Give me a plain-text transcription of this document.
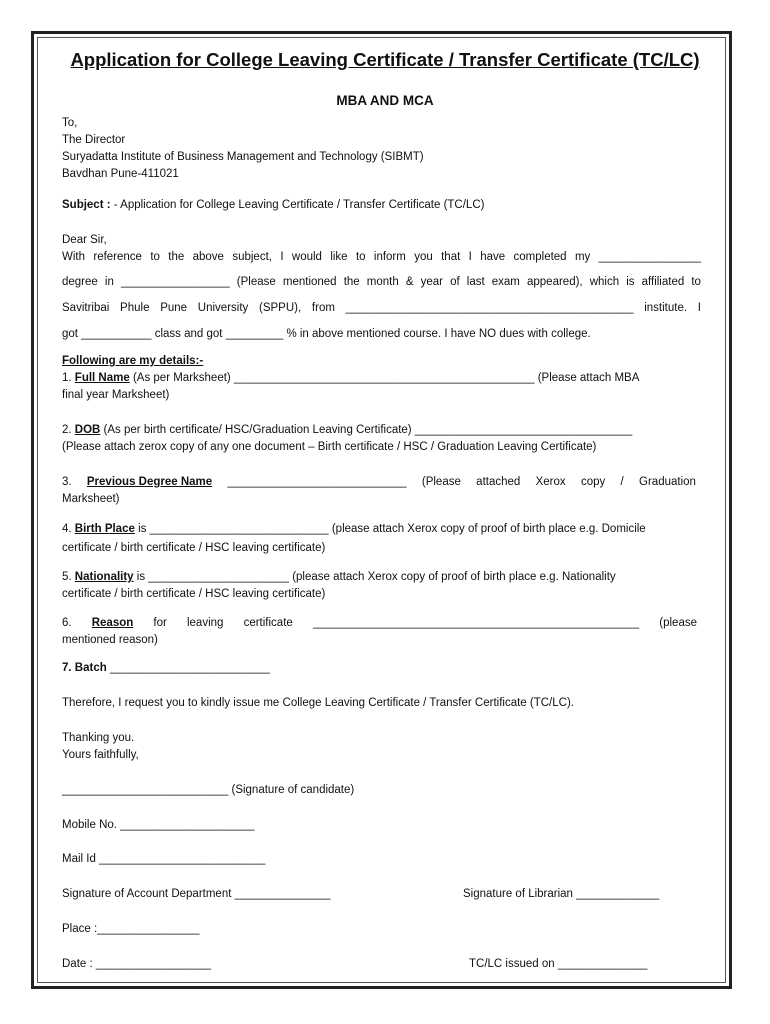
Application for College Leaving Certificate / Transfer Certificate (TC/LC)
MBA AND MCA
To,
The Director
Suryadatta Institute of Business Management and Technology (SIBMT)
Bavdhan Pune-411021
Subject : - Application for College Leaving Certificate / Transfer Certificate (TC/LC)
Dear Sir,
With reference to the above subject, I would like to inform you that I have completed my ________________
degree in _________________ (Please mentioned the month & year of last exam appeared), which is affiliated to
Savitribai Phule Pune University (SPPU), from _____________________________________________ institute. I
got ___________ class and got _________ % in above mentioned course. I have NO dues with college.
Following are my details:-
1. Full Name (As per Marksheet) _______________________________________________ (Please attach MBA
final year Marksheet)
2. DOB (As per birth certificate/ HSC/Graduation Leaving Certificate) __________________________________
(Please attach zerox copy of any one document – Birth certificate / HSC / Graduation Leaving Certificate)
3. Previous Degree Name ____________________________ (Please attached Xerox copy / Graduation
Marksheet)
4. Birth Place is ____________________________ (please attach Xerox copy of proof of birth place e.g. Domicile
certificate / birth certificate / HSC leaving certificate)
5. Nationality is ______________________ (please attach Xerox copy of proof of birth place e.g. Nationality
certificate / birth certificate / HSC leaving certificate)
6. Reason for leaving certificate ___________________________________________________ (please
mentioned reason)
7. Batch _________________________
Therefore, I request you to kindly issue me College Leaving Certificate / Transfer Certificate (TC/LC).
Thanking you.
Yours faithfully,
__________________________ (Signature of candidate)
Mobile No. _____________________
Mail Id __________________________
Signature of Account Department _______________	Signature of Librarian _____________
Place :________________
Date : __________________	TC/LC issued on ______________
